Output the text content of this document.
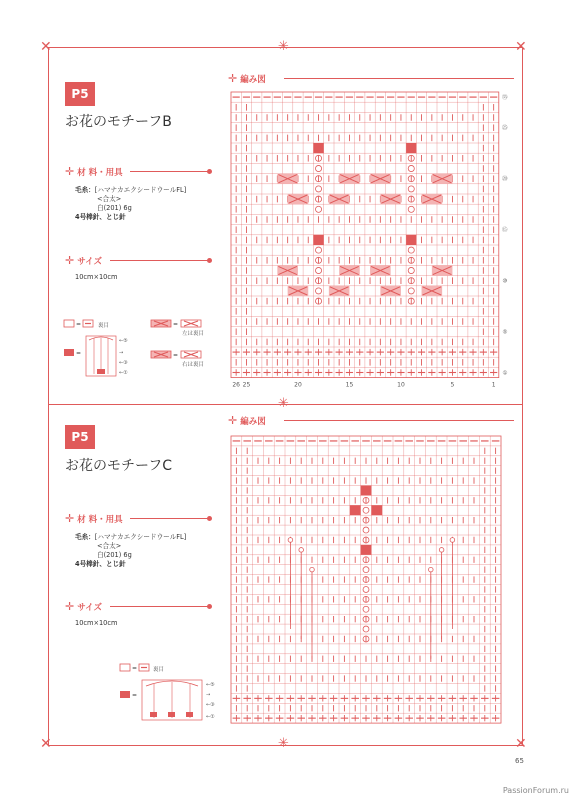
✕	✕
✕	✕
✳
✳
✳
P5
お花のモチーフB
✛ 材 料・用具
毛糸：[ハマナカエクシードウールFL]
<合太>
白(201) 6g
4号棒針、とじ針
✛ サイズ
10cm×10cm
=	=
=
←⑤
→
←③
←①
=
裏目
左は裏目
右は裏目
✛ 編み図
26 25	20	15	10	5	1
①
⑤
⑩
⑮
⑳
㉕
㉟
P5
お花のモチーフC
✛ 材 料・用具
毛糸：[ハマナカエクシードウールFL]
<合太>
白(201) 6g
4号棒針、とじ針
✛ サイズ
10cm×10cm
=
=
←⑤
→
←③
←①
裏目
✛ 編み図
65
PassionForum.ru
